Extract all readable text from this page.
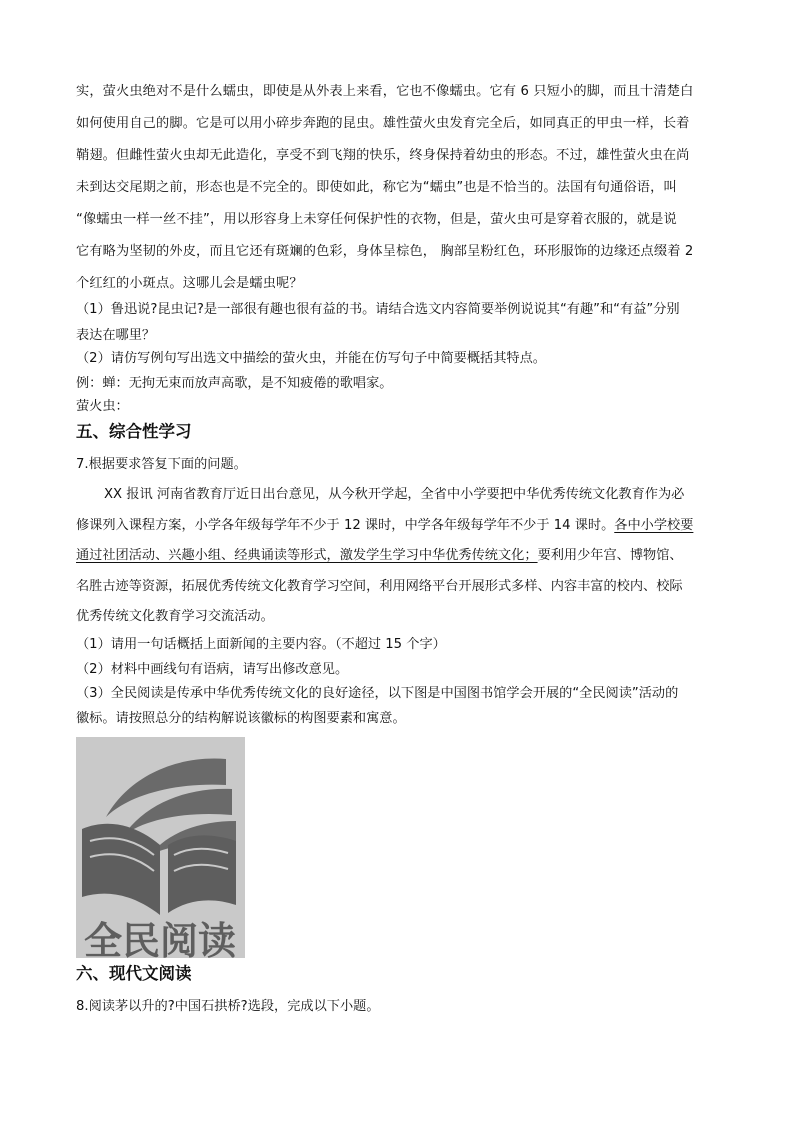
实，萤火虫绝对不是什么蠕虫，即使是从外表上来看，它也不像蠕虫。它有 6 只短小的脚，而且十清楚白
如何使用自己的脚。它是可以用小碎步奔跑的昆虫。雄性萤火虫发育完全后，如同真正的甲虫一样，长着
鞘翅。但雌性萤火虫却无此造化，享受不到飞翔的快乐，终身保持着幼虫的形态。不过，雄性萤火虫在尚
未到达交尾期之前，形态也是不完全的。即使如此，称它为“蠕虫”也是不恰当的。法国有句通俗语，叫
“像蠕虫一样一丝不挂”，用以形容身上未穿任何保护性的衣物，但是，萤火虫可是穿着衣服的，就是说
它有略为坚韧的外皮，而且它还有斑斓的色彩，身体呈棕色， 胸部呈粉红色，环形服饰的边缘还点缀着 2
个红红的小斑点。这哪儿会是蠕虫呢？
（1）鲁迅说?昆虫记?是一部很有趣也很有益的书。请结合选文内容简要举例说说其“有趣”和“有益”分别
表达在哪里？
（2）请仿写例句写出选文中描绘的萤火虫，并能在仿写句子中简要概括其特点。
例：蝉：无拘无束而放声高歌，是不知疲倦的歌唱家。
萤火虫：
五、综合性学习
7.根据要求答复下面的问题。
XX 报讯 河南省教育厅近日出台意见，从今秋开学起，全省中小学要把中华优秀传统文化教育作为必
修课列入课程方案，小学各年级每学年不少于 12 课时，中学各年级每学年不少于 14 课时。各中小学校要
通过社团活动、兴趣小组、经典诵读等形式，激发学生学习中华优秀传统文化；要利用少年宫、博物馆、
名胜古迹等资源，拓展优秀传统文化教育学习空间，利用网络平台开展形式多样、内容丰富的校内、校际
优秀传统文化教育学习交流活动。
（1）请用一句话概括上面新闻的主要内容。（不超过 15 个字）
（2）材料中画线句有语病，请写出修改意见。
（3）全民阅读是传承中华优秀传统文化的良好途径，以下图是中国图书馆学会开展的“全民阅读”活动的
徽标。请按照总分的结构解说该徽标的构图要素和寓意。
全民阅读
六、现代文阅读
8.阅读茅以升的?中国石拱桥?选段，完成以下小题。
